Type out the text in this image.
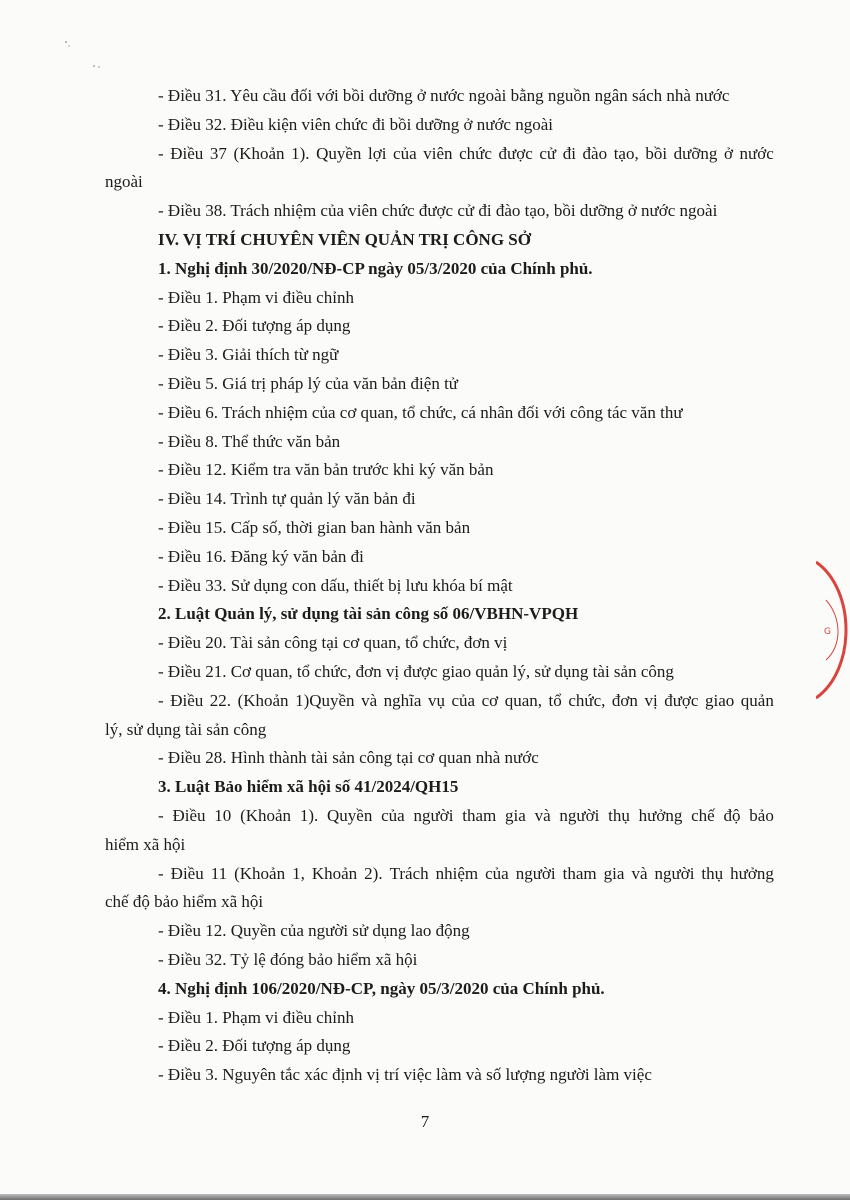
- Điều 31. Yêu cầu đối với bồi dưỡng ở nước ngoài bằng nguồn ngân sách nhà nước
- Điều 32. Điều kiện viên chức đi bồi dưỡng ở nước ngoài
- Điều 37 (Khoản 1). Quyền lợi của viên chức được cử đi đào tạo, bồi dưỡng ở nước
ngoài
- Điều 38. Trách nhiệm của viên chức được cử đi đào tạo, bồi dưỡng ở nước ngoài
IV. VỊ TRÍ CHUYÊN VIÊN QUẢN TRỊ CÔNG SỞ
1. Nghị định 30/2020/NĐ-CP ngày 05/3/2020 của Chính phủ.
- Điều 1. Phạm vi điều chỉnh
- Điều 2. Đối tượng áp dụng
- Điều 3. Giải thích từ ngữ
- Điều 5. Giá trị pháp lý của văn bản điện tử
- Điều 6. Trách nhiệm của cơ quan, tổ chức, cá nhân đối với công tác văn thư
- Điều 8. Thể thức văn bản
- Điều 12. Kiểm tra văn bản trước khi ký văn bản
- Điều 14. Trình tự quản lý văn bản đi
- Điều 15. Cấp số, thời gian ban hành văn bản
- Điều 16. Đăng ký văn bản đi
- Điều 33. Sử dụng con dấu, thiết bị lưu khóa bí mật
2. Luật Quản lý, sử dụng tài sản công số 06/VBHN-VPQH
- Điều 20. Tài sản công tại cơ quan, tổ chức, đơn vị
- Điều 21. Cơ quan, tổ chức, đơn vị được giao quản lý, sử dụng tài sản công
- Điều 22. (Khoản 1)Quyền và nghĩa vụ của cơ quan, tổ chức, đơn vị được giao quản
lý, sử dụng tài sản công
- Điều 28. Hình thành tài sản công tại cơ quan nhà nước
3. Luật Bảo hiểm xã hội số 41/2024/QH15
- Điều 10 (Khoản 1). Quyền của người tham gia và người thụ hưởng chế độ bảo
hiểm xã hội
- Điều 11 (Khoản 1, Khoản 2). Trách nhiệm của người tham gia và người thụ hưởng
chế độ bảo hiểm xã hội
- Điều 12. Quyền của người sử dụng lao động
- Điều 32. Tỷ lệ đóng bảo hiểm xã hội
4. Nghị định 106/2020/NĐ-CP, ngày 05/3/2020 của Chính phủ.
- Điều 1. Phạm vi điều chỉnh
- Điều 2. Đối tượng áp dụng
- Điều 3. Nguyên tắc xác định vị trí việc làm và số lượng người làm việc
G
7
